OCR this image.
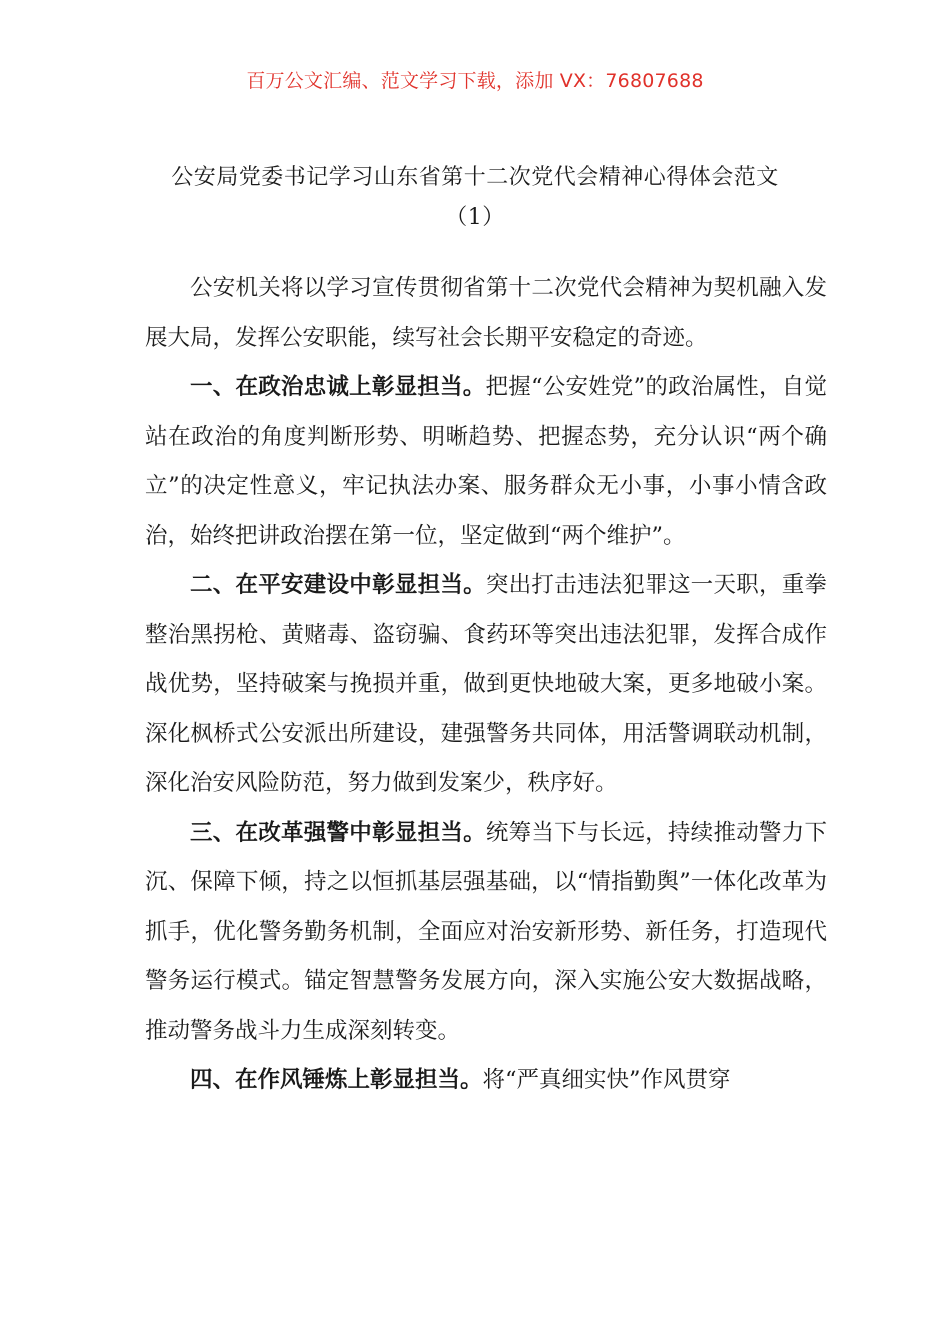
百万公文汇编、范文学习下载，添加 VX：76807688
公安局党委书记学习山东省第十二次党代会精神心得体会范文
（1）

公安机关将以学习宣传贯彻省第十二次党代会精神为契机融入发展大局，发挥公安职能，续写社会长期平安稳定的奇迹。

一、在政治忠诚上彰显担当。把握“公安姓党”的政治属性，自觉站在政治的角度判断形势、明晰趋势、把握态势，充分认识“两个确立”的决定性意义，牢记执法办案、服务群众无小事，小事小情含政治，始终把讲政治摆在第一位，坚定做到“两个维护”。

二、在平安建设中彰显担当。突出打击违法犯罪这一天职，重拳整治黑拐枪、黄赌毒、盗窃骗、食药环等突出违法犯罪，发挥合成作战优势，坚持破案与挽损并重，做到更快地破大案，更多地破小案。深化枫桥式公安派出所建设，建强警务共同体，用活警调联动机制，深化治安风险防范，努力做到发案少，秩序好。

三、在改革强警中彰显担当。统筹当下与长远，持续推动警力下沉、保障下倾，持之以恒抓基层强基础，以“情指勤舆”一体化改革为抓手，优化警务勤务机制，全面应对治安新形势、新任务，打造现代警务运行模式。锚定智慧警务发展方向，深入实施公安大数据战略，推动警务战斗力生成深刻转变。

四、在作风锤炼上彰显担当。将“严真细实快”作风贯穿
